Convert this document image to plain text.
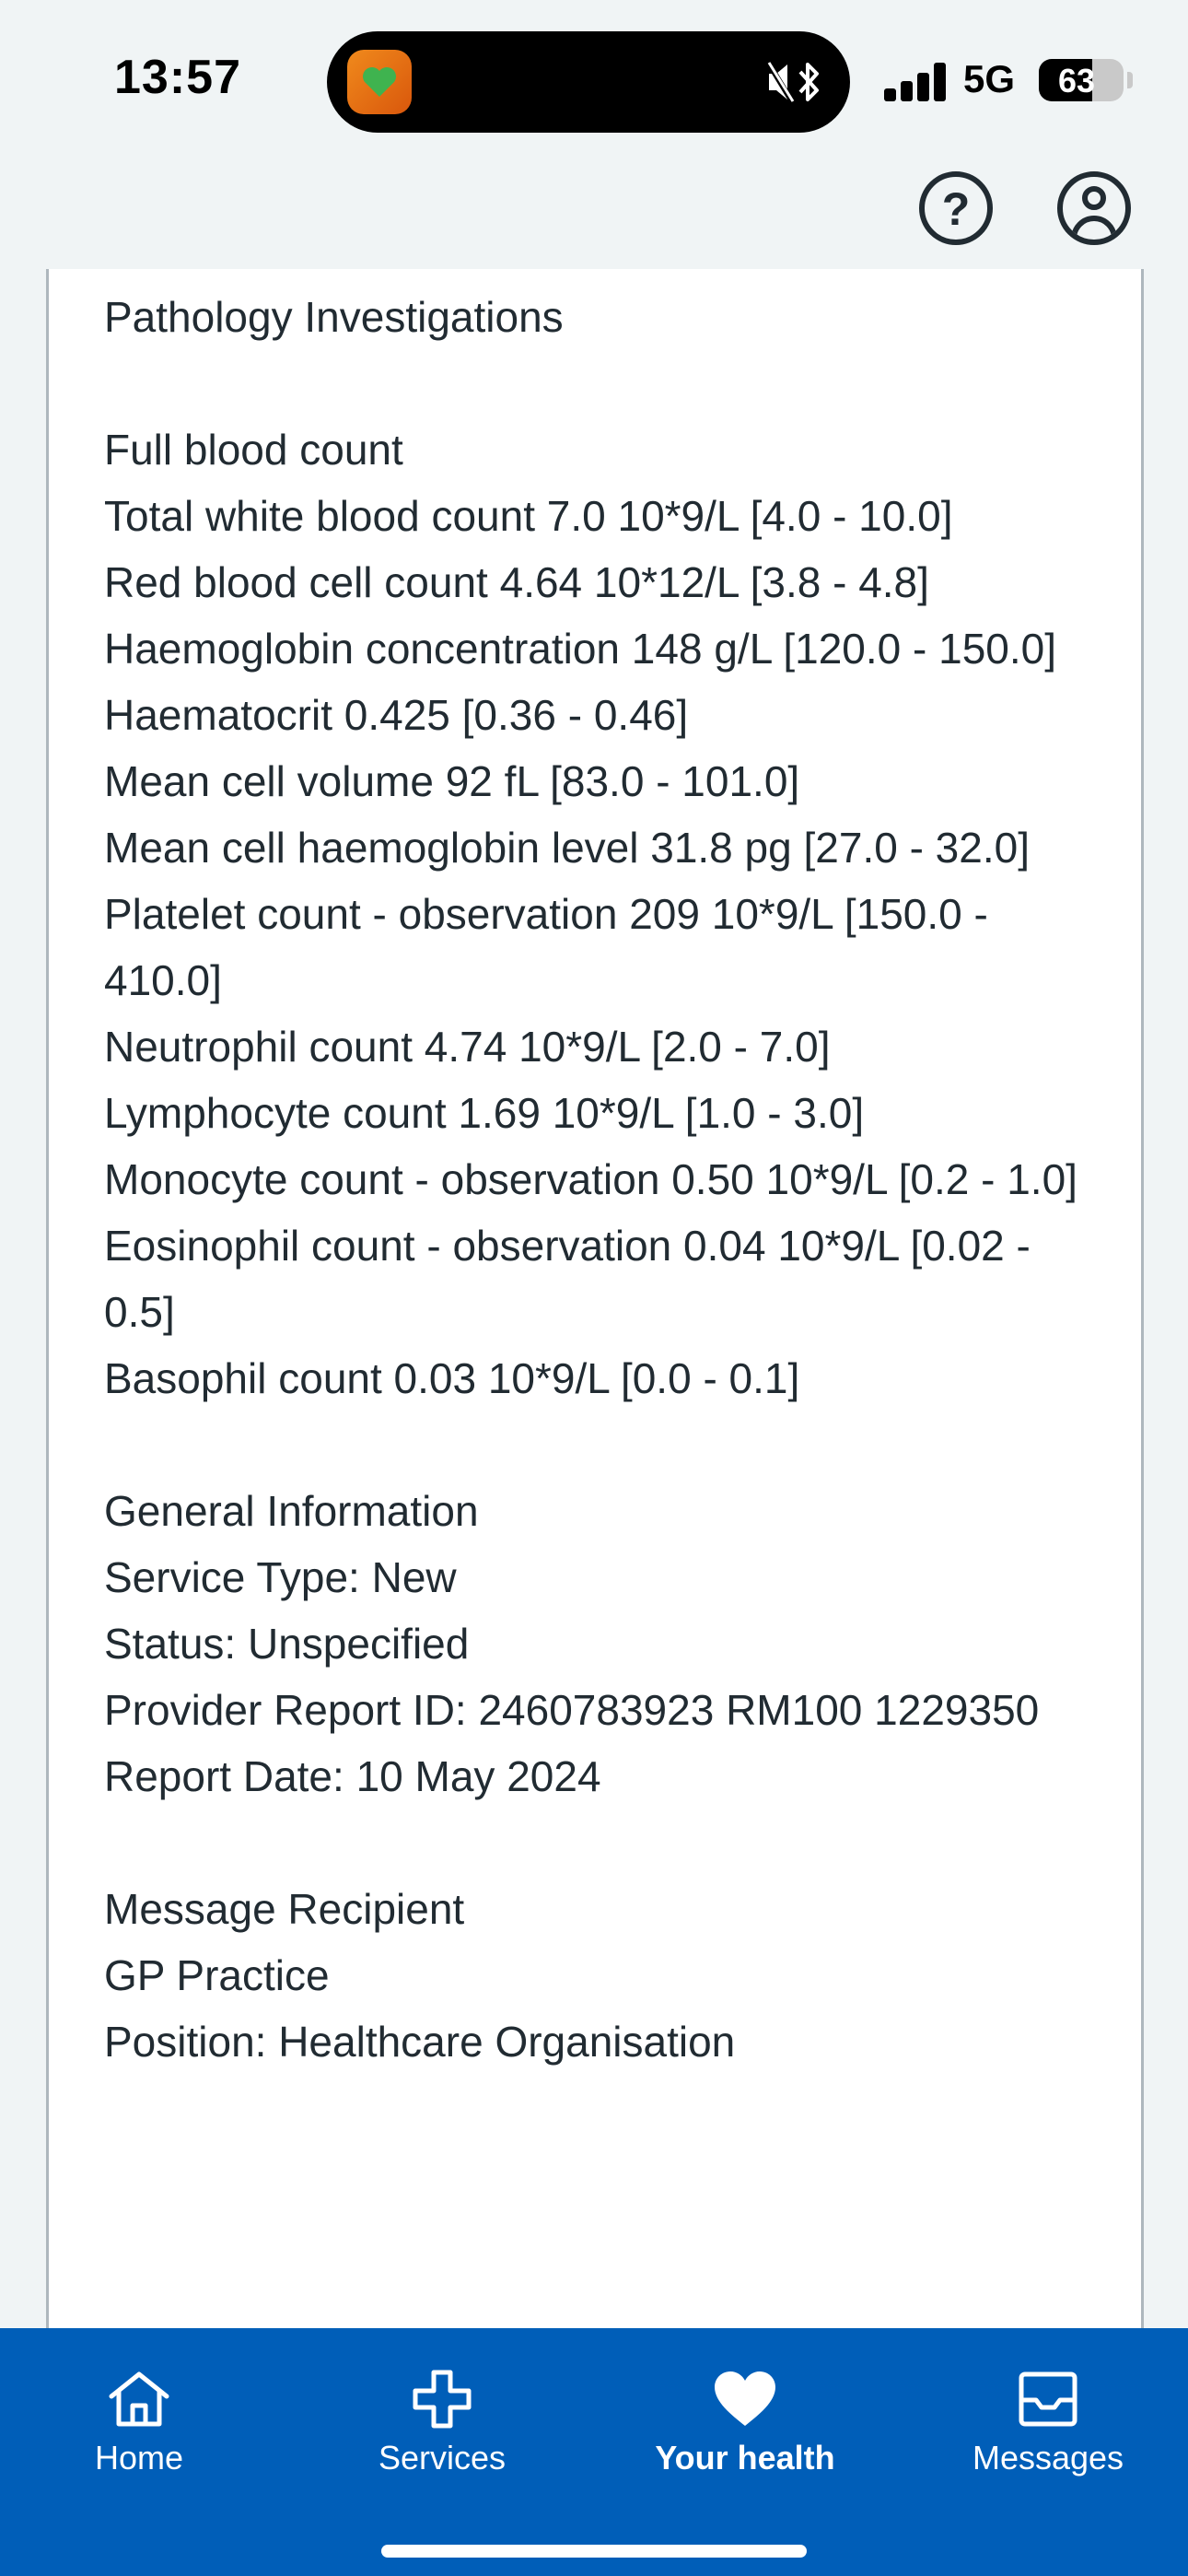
13:57	5G	63
?
Pathology Investigations
Full blood count
Total white blood count 7.0 10*9/L [4.0 - 10.0]
Red blood cell count 4.64 10*12/L [3.8 - 4.8]
Haemoglobin concentration 148 g/L [120.0 - 150.0]
Haematocrit 0.425 [0.36 - 0.46]
Mean cell volume 92 fL [83.0 - 101.0]
Mean cell haemoglobin level 31.8 pg [27.0 - 32.0]
Platelet count - observation 209 10*9/L [150.0 - 410.0]
Neutrophil count 4.74 10*9/L [2.0 - 7.0]
Lymphocyte count 1.69 10*9/L [1.0 - 3.0]
Monocyte count - observation 0.50 10*9/L [0.2 - 1.0]
Eosinophil count - observation 0.04 10*9/L [0.02 - 0.5]
Basophil count 0.03 10*9/L [0.0 - 0.1]
General Information
Service Type: New
Status: Unspecified
Provider Report ID: 2460783923 RM100 1229350
Report Date: 10 May 2024
Message Recipient
GP Practice
Position: Healthcare Organisation
Home	Services	Your health	Messages
